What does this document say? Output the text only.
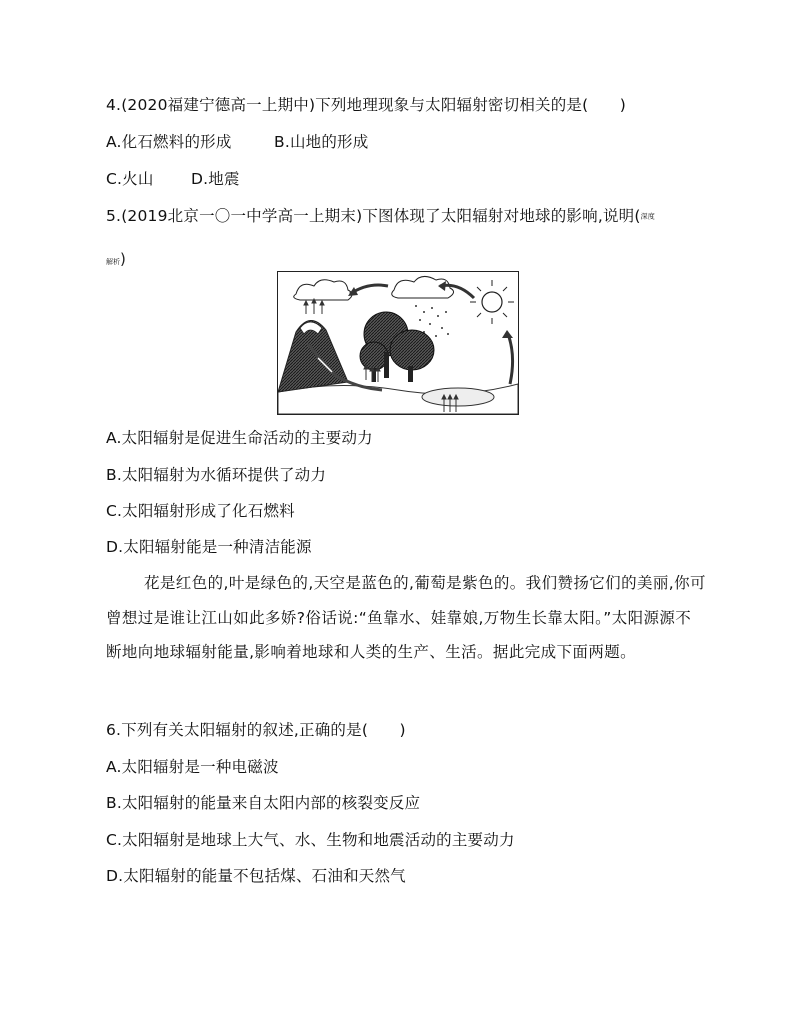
4.(2020福建宁德高一上期中)下列地理现象与太阳辐射密切相关的是(　　)
A.化石燃料的形成	B.山地的形成
C.火山 D.地震
5.(2019北京一〇一中学高一上期末)下图体现了太阳辐射对地球的影响,说明(深度
解析)
A.太阳辐射是促进生命活动的主要动力
B.太阳辐射为水循环提供了动力
C.太阳辐射形成了化石燃料
D.太阳辐射能是一种清洁能源
花是红色的,叶是绿色的,天空是蓝色的,葡萄是紫色的。我们赞扬它们的美丽,你可曾想过是谁让江山如此多娇?俗话说:“鱼靠水、娃靠娘,万物生长靠太阳。”太阳源源不断地向地球辐射能量,影响着地球和人类的生产、生活。据此完成下面两题。
6.下列有关太阳辐射的叙述,正确的是(　　)
A.太阳辐射是一种电磁波
B.太阳辐射的能量来自太阳内部的核裂变反应
C.太阳辐射是地球上大气、水、生物和地震活动的主要动力
D.太阳辐射的能量不包括煤、石油和天然气
